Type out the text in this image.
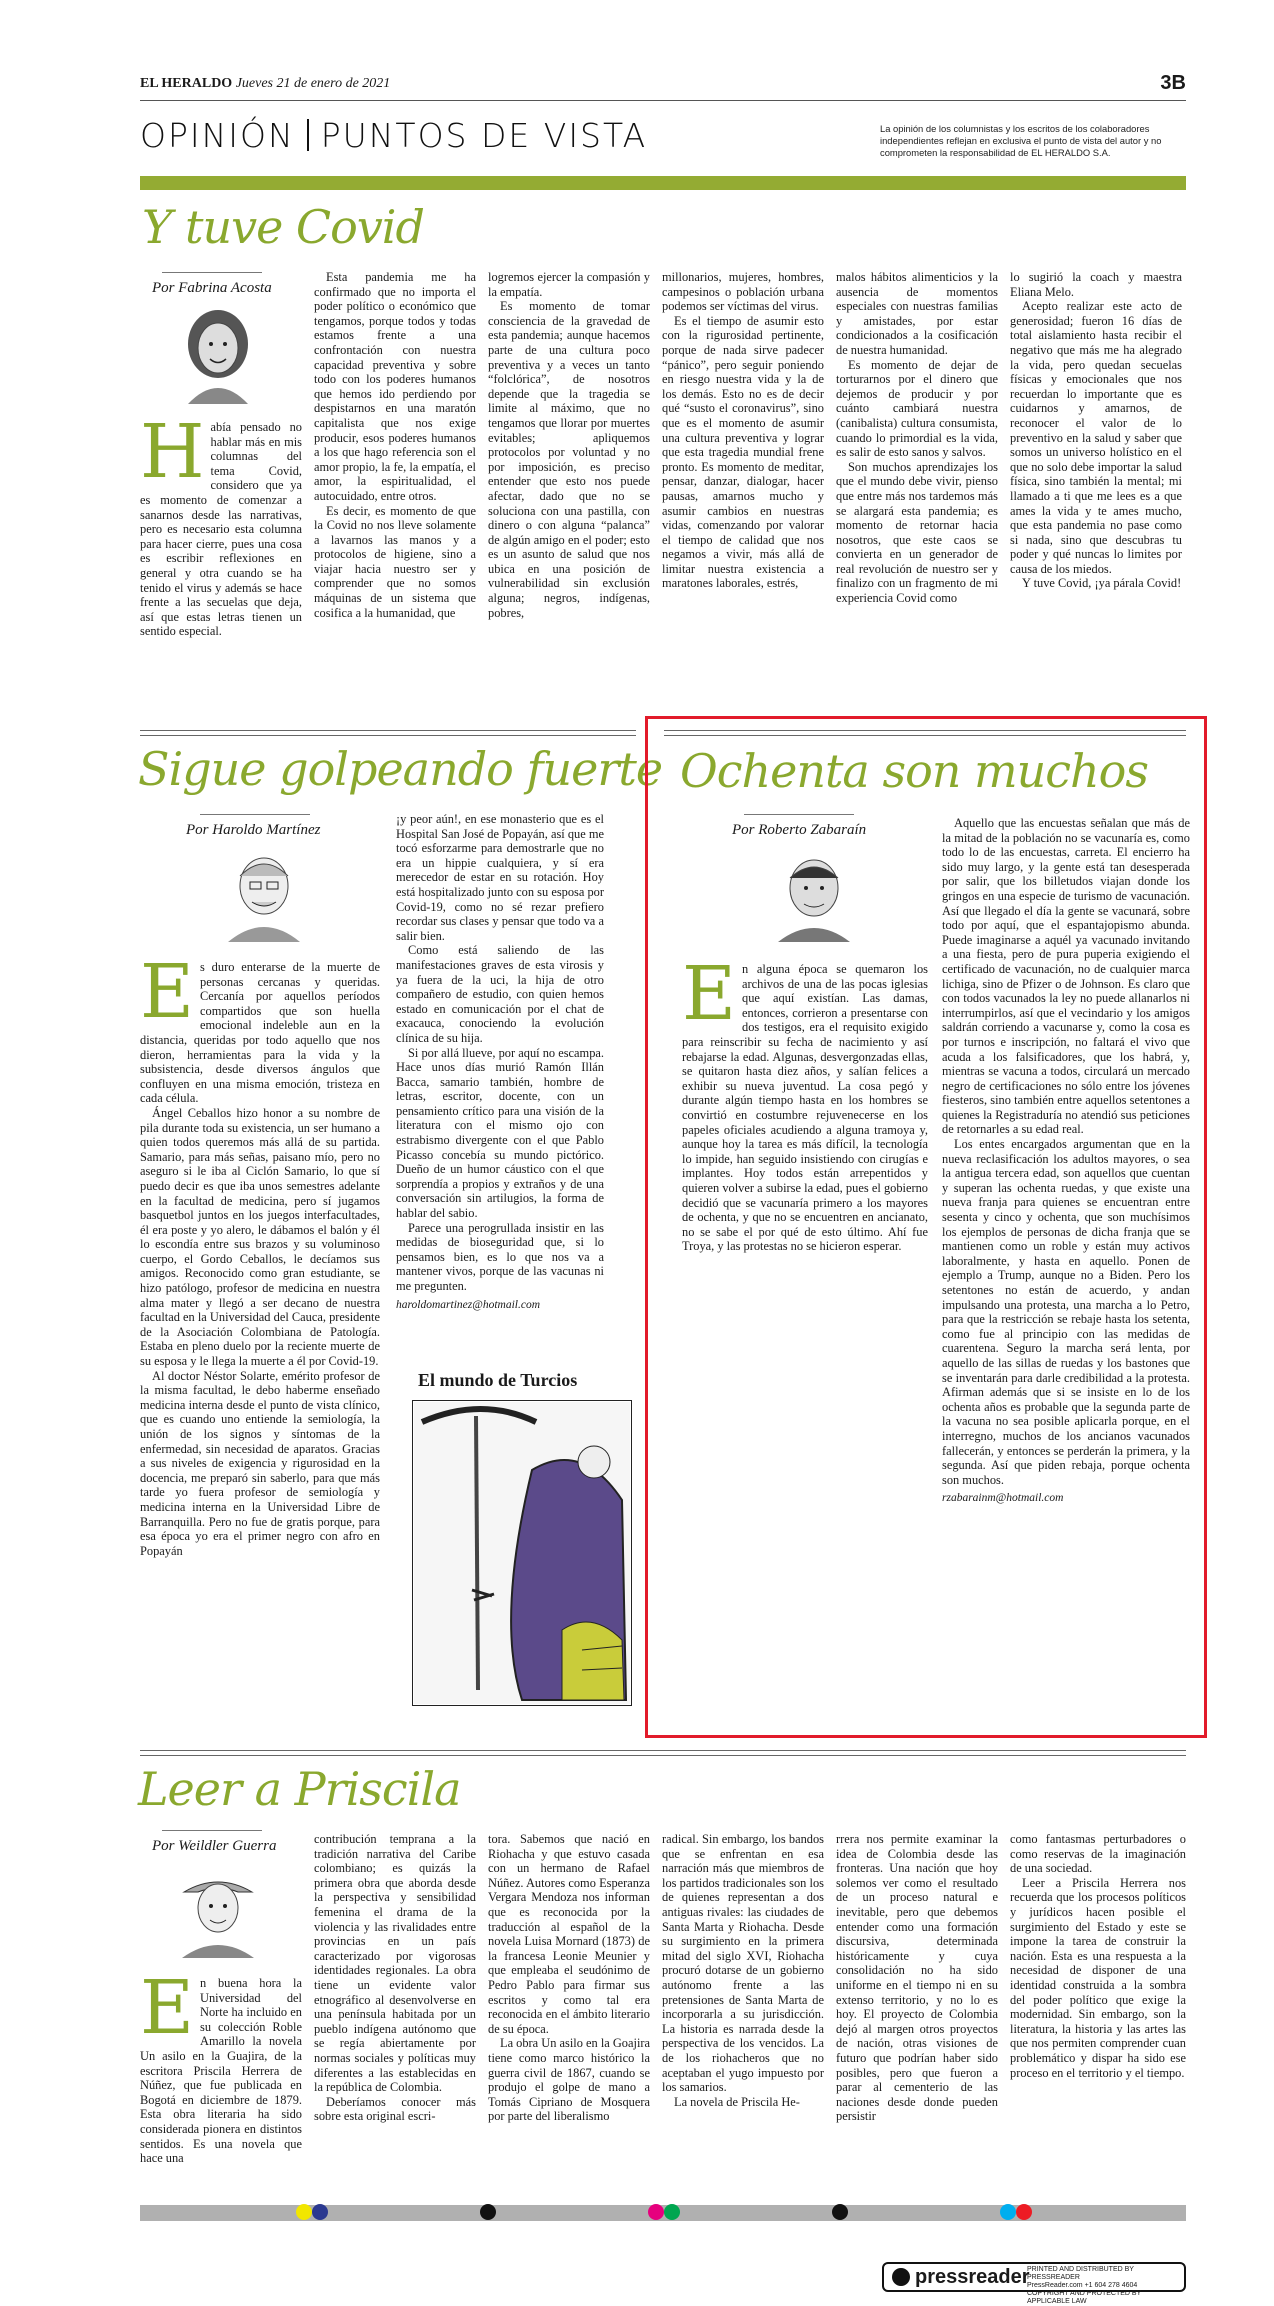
EL HERALDO Jueves 21 de enero de 2021	3B
OPINIÓN PUNTOS DE VISTA	La opinión de los columnistas y los escritos de los colaboradores independientes reflejan en exclusiva el punto de vista del autor y no comprometen la responsabilidad de EL HERALDO S.A.
Y tuve Covid
Por Fabrina Acosta
H abía pensado no hablar más en mis columnas del tema Covid, considero que ya es momento de comenzar a sanarnos desde las narrativas, pero es necesario esta columna para hacer cierre, pues una cosa es escribir reflexiones en general y otra cuando se ha tenido el virus y además se hace frente a las secuelas que deja, así que estas letras tienen un sentido especial.

Esta pandemia me ha confirmado que no importa el poder político o económico que tengamos, porque todos y todas estamos frente a una confrontación con nuestra capacidad preventiva y sobre todo con los poderes humanos que hemos ido perdiendo por despistarnos en una maratón capitalista que nos exige producir, esos poderes humanos a los que hago referencia son el amor propio, la fe, la empatía, el amor, la espiritualidad, el autocuidado, entre otros.

Es decir, es momento de que la Covid no nos lleve solamente a lavarnos las manos y a protocolos de higiene, sino a viajar hacia nuestro ser y comprender que no somos máquinas de un sistema que cosifica a la humanidad, que

logremos ejercer la compasión y la empatía.

Es momento de tomar consciencia de la gravedad de esta pandemia; aunque hacemos parte de una cultura poco preventiva y a veces un tanto “folclórica”, de nosotros depende que la tragedia se limite al máximo, que no tengamos que llorar por muertes evitables; apliquemos protocolos por voluntad y no por imposición, es preciso entender que esto nos puede afectar, dado que no se soluciona con una pastilla, con dinero o con alguna “palanca” de algún amigo en el poder; esto es un asunto de salud que nos ubica en una posición de vulnerabilidad sin exclusión alguna; negros, indígenas, pobres,

millonarios, mujeres, hombres, campesinos o población urbana podemos ser víctimas del virus.

Es el tiempo de asumir esto con la rigurosidad pertinente, porque de nada sirve padecer “pánico”, pero seguir poniendo en riesgo nuestra vida y la de los demás. Esto no es de decir qué “susto el coronavirus”, sino que es el momento de asumir una cultura preventiva y lograr que esta tragedia mundial frene pronto. Es momento de meditar, pensar, danzar, dialogar, hacer pausas, amarnos mucho y asumir cambios en nuestras vidas, comenzando por valorar el tiempo de calidad que nos negamos a vivir, más allá de limitar nuestra existencia a maratones laborales, estrés,

malos hábitos alimenticios y la ausencia de momentos especiales con nuestras familias y amistades, por estar condicionados a la cosificación de nuestra humanidad.

Es momento de dejar de torturarnos por el dinero que dejemos de producir y por cuánto cambiará nuestra (canibalista) cultura consumista, cuando lo primordial es la vida, es salir de esto sanos y salvos.

Son muchos aprendizajes los que el mundo debe vivir, pienso que entre más nos tardemos más se alargará esta pandemia; es momento de retornar hacia nosotros, que este caos se convierta en un generador de real revolución de nuestro ser y finalizo con un fragmento de mi experiencia Covid como

lo sugirió la coach y maestra Eliana Melo.

Acepto realizar este acto de generosidad; fueron 16 días de total aislamiento hasta recibir el negativo que más me ha alegrado la vida, pero quedan secuelas físicas y emocionales que nos recuerdan lo importante que es cuidarnos y amarnos, de reconocer el valor de lo preventivo en la salud y saber que somos un universo holístico en el que no solo debe importar la salud física, sino también la mental; mi llamado a ti que me lees es a que ames la vida y te ames mucho, que esta pandemia no pase como si nada, sino que descubras tu poder y qué nuncas lo limites por causa de los miedos.

Y tuve Covid, ¡ya párala Covid!

Sigue golpeando fuerte
Por Haroldo Martínez
E s duro enterarse de la muerte de personas cercanas y queridas. Cercanía por aquellos períodos compartidos que son huella emocional indeleble aun en la distancia, queridas por todo aquello que nos dieron, herramientas para la vida y la subsistencia, desde diversos ángulos que confluyen en una misma emoción, tristeza en cada célula.

Ángel Ceballos hizo honor a su nombre de pila durante toda su existencia, un ser humano a quien todos queremos más allá de su partida. Samario, para más señas, paisano mío, pero no aseguro si le iba al Ciclón Samario, lo que sí puedo decir es que iba unos semestres adelante en la facultad de medicina, pero sí jugamos basquetbol juntos en los juegos interfacultades, él era poste y yo alero, le dábamos el balón y él lo escondía entre sus brazos y su voluminoso cuerpo, el Gordo Ceballos, le decíamos sus amigos. Reconocido como gran estudiante, se hizo patólogo, profesor de medicina en nuestra alma mater y llegó a ser decano de nuestra facultad en la Universidad del Cauca, presidente de la Asociación Colombiana de Patología. Estaba en pleno duelo por la reciente muerte de su esposa y le llega la muerte a él por Covid-19.

Al doctor Néstor Solarte, emérito profesor de la misma facultad, le debo haberme enseñado medicina interna desde el punto de vista clínico, que es cuando uno entiende la semiología, la unión de los signos y síntomas de la enfermedad, sin necesidad de aparatos. Gracias a sus niveles de exigencia y rigurosidad en la docencia, me preparó sin saberlo, para que más tarde yo fuera profesor de semiología y medicina interna en la Universidad Libre de Barranquilla. Pero no fue de gratis porque, para esa época yo era el primer negro con afro en Popayán

¡y peor aún!, en ese monasterio que es el Hospital San José de Popayán, así que me tocó esforzarme para demostrarle que no era un hippie cualquiera, y sí era merecedor de estar en su rotación. Hoy está hospitalizado junto con su esposa por Covid-19, como no sé rezar prefiero recordar sus clases y pensar que todo va a salir bien.

Como está saliendo de las manifestaciones graves de esta virosis y ya fuera de la uci, la hija de otro compañero de estudio, con quien hemos estado en comunicación por el chat de exacauca, conociendo la evolución clínica de su hija.

Si por allá llueve, por aquí no escampa. Hace unos días murió Ramón Illán Bacca, samario también, hombre de letras, escritor, docente, con un pensamiento crítico para una visión de la literatura con el mismo ojo con estrabismo divergente con el que Pablo Picasso concebía su mundo pictórico. Dueño de un humor cáustico con el que sorprendía a propios y extraños y de una conversación sin artilugios, la forma de hablar del sabio.

Parece una perogrullada insistir en las medidas de bioseguridad que, si lo pensamos bien, es lo que nos va a mantener vivos, porque de las vacunas ni me pregunten.

haroldomartinez@hotmail.com
El mundo de Turcios
Ochenta son muchos
Por Roberto Zabaraín
E n alguna época se quemaron los archivos de una de las pocas iglesias que aquí existían. Las damas, entonces, corrieron a presentarse con dos testigos, era el requisito exigido para reinscribir su fecha de nacimiento y así rebajarse la edad. Algunas, desvergonzadas ellas, se quitaron hasta diez años, y salían felices a exhibir su nueva juventud. La cosa pegó y durante algún tiempo hasta en los hombres se convirtió en costumbre rejuvenecerse en los papeles oficiales acudiendo a alguna tramoya y, aunque hoy la tarea es más difícil, la tecnología lo impide, han seguido insistiendo con cirugías e implantes. Hoy todos están arrepentidos y quieren volver a subirse la edad, pues el gobierno decidió que se vacunaría primero a los mayores de ochenta, y que no se encuentren en ancianato, no se sabe el por qué de esto último. Ahí fue Troya, y las protestas no se hicieron esperar.

Aquello que las encuestas señalan que más de la mitad de la población no se vacunaría es, como todo lo de las encuestas, carreta. El encierro ha sido muy largo, y la gente está tan desesperada por salir, que los billetudos viajan donde los gringos en una especie de turismo de vacunación. Así que llegado el día la gente se vacunará, sobre todo por aquí, que el espantajopismo abunda. Puede imaginarse a aquél ya vacunado invitando a una fiesta, pero de pura puperia exigiendo el certificado de vacunación, no de cualquier marca lichiga, sino de Pfizer o de Johnson. Es claro que con todos vacunados la ley no puede allanarlos ni interrumpirlos, así que el vecindario y los amigos saldrán corriendo a vacunarse y, como la cosa es por turnos e inscripción, no faltará el vivo que acuda a los falsificadores, que los habrá, y, mientras se vacuna a todos, circulará un mercado negro de certificaciones no sólo entre los jóvenes fiesteros, sino también entre aquellos setentones a quienes la Registraduría no atendió sus peticiones de retornarles a su edad real.

Los entes encargados argumentan que en la nueva reclasificación los adultos mayores, o sea la antigua tercera edad, son aquellos que cuentan y superan las ochenta ruedas, y que existe una nueva franja para quienes se encuentran entre sesenta y cinco y ochenta, que son muchísimos los ejemplos de personas de dicha franja que se mantienen como un roble y están muy activos laboralmente, y hasta en aquello. Ponen de ejemplo a Trump, aunque no a Biden. Pero los setentones no están de acuerdo, y andan impulsando una protesta, una marcha a lo Petro, para que la restricción se rebaje hasta los setenta, como fue al principio con las medidas de cuarentena. Seguro la marcha será lenta, por aquello de las sillas de ruedas y los bastones que se inventarán para darle credibilidad a la protesta. Afirman además que si se insiste en lo de los ochenta años es probable que la segunda parte de la vacuna no sea posible aplicarla porque, en el interregno, muchos de los ancianos vacunados fallecerán, y entonces se perderán la primera, y la segunda. Así que piden rebaja, porque ochenta son muchos.

rzabarainm@hotmail.com
Leer a Priscila
Por Weildler Guerra
E n buena hora la Universidad del Norte ha incluido en su colección Roble Amarillo la novela Un asilo en la Guajira, de la escritora Priscila Herrera de Núñez, que fue publicada en Bogotá en diciembre de 1879. Esta obra literaria ha sido considerada pionera en distintos sentidos. Es una novela que hace una

contribución temprana a la tradición narrativa del Caribe colombiano; es quizás la primera obra que aborda desde la perspectiva y sensibilidad femenina el drama de la violencia y las rivalidades entre provincias en un país caracterizado por vigorosas identidades regionales. La obra tiene un evidente valor etnográfico al desenvolverse en una península habitada por un pueblo indígena autónomo que se regía abiertamente por normas sociales y políticas muy diferentes a las establecidas en la república de Colombia.

Deberíamos conocer más sobre esta original escri-

tora. Sabemos que nació en Riohacha y que estuvo casada con un hermano de Rafael Núñez. Autores como Esperanza Vergara Mendoza nos informan que es reconocida por la traducción al español de la novela Luisa Mornard (1873) de la francesa Leonie Meunier y que empleaba el seudónimo de Pedro Pablo para firmar sus escritos y como tal era reconocida en el ámbito literario de su época.

La obra Un asilo en la Goajira tiene como marco histórico la guerra civil de 1867, cuando se produjo el golpe de mano a Tomás Cipriano de Mosquera por parte del liberalismo

radical. Sin embargo, los bandos que se enfrentan en esa narración más que miembros de los partidos tradicionales son los de quienes representan a dos antiguas rivales: las ciudades de Santa Marta y Riohacha. Desde su surgimiento en la primera mitad del siglo XVI, Riohacha procuró dotarse de un gobierno autónomo frente a las pretensiones de Santa Marta de incorporarla a su jurisdicción. La historia es narrada desde la perspectiva de los vencidos. La de los riohacheros que no aceptaban el yugo impuesto por los samarios.

La novela de Priscila He-

rrera nos permite examinar la idea de Colombia desde las fronteras. Una nación que hoy solemos ver como el resultado de un proceso natural e inevitable, pero que debemos entender como una formación discursiva, determinada históricamente y cuya consolidación no ha sido uniforme en el tiempo ni en su extenso territorio, y no lo es hoy. El proyecto de Colombia dejó al margen otros proyectos de nación, otras visiones de futuro que podrían haber sido posibles, pero que fueron a parar al cementerio de las naciones desde donde pueden persistir

como fantasmas perturbadores o como reservas de la imaginación de una sociedad.

Leer a Priscila Herrera nos recuerda que los procesos políticos y jurídicos hacen posible el surgimiento del Estado y este se impone la tarea de construir la nación. Esta es una respuesta a la necesidad de disponer de una identidad construida a la sombra del poder político que exige la modernidad. Sin embargo, son la literatura, la historia y las artes las que nos permiten comprender cuan problemático y dispar ha sido ese proceso en el territorio y el tiempo.

pressreader
PRINTED AND DISTRIBUTED BY PRESSREADER
PressReader.com +1 604 278 4604
COPYRIGHT AND PROTECTED BY APPLICABLE LAW
